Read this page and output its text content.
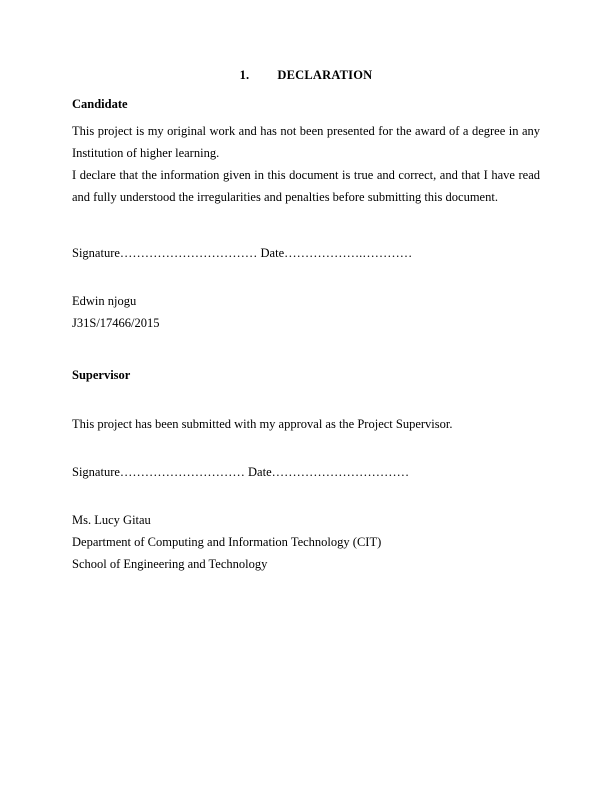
1. DECLARATION
Candidate

This project is my original work and has not been presented for the award of a degree in any Institution of higher learning.

I declare that the information given in this document is true and correct, and that I have read and fully understood the irregularities and penalties before submitting this document.

Signature…………………………… Date……………….…………
Edwin njogu
J31S/17466/2015
Supervisor

This project has been submitted with my approval as the Project Supervisor.

Signature………………………… Date……………………………
Ms. Lucy Gitau
Department of Computing and Information Technology (CIT)
School of Engineering and Technology
